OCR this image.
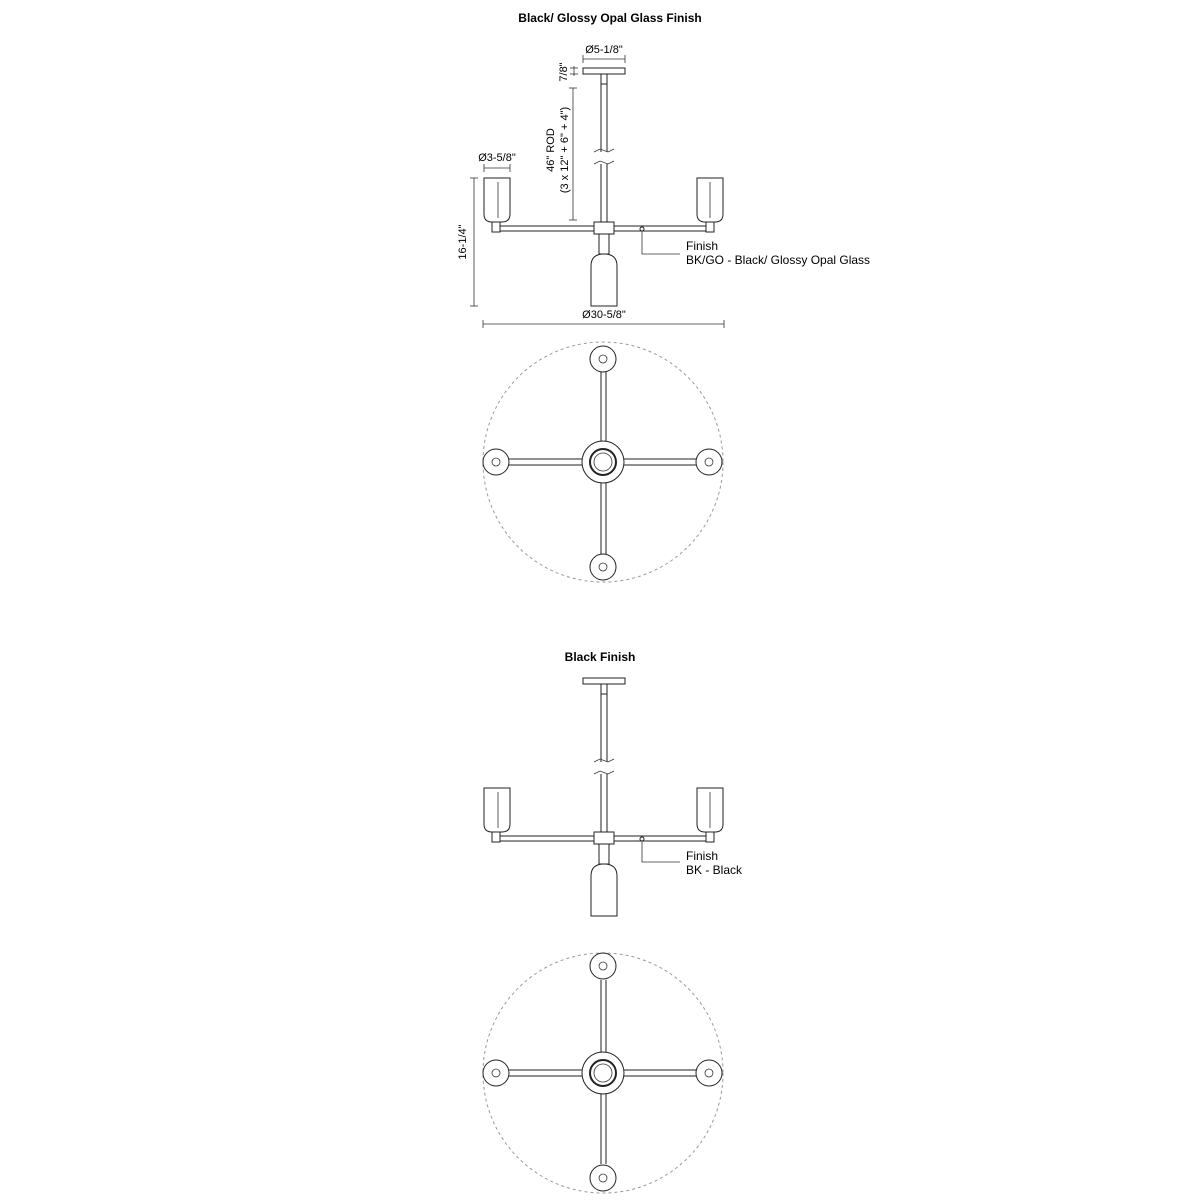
Black/ Glossy Opal Glass Finish
Ø5-1/8"
7/8"
46" ROD (3 x 12" + 6" + 4")
Ø3-5/8"
16-1/4"
Ø30-5/8"
Finish
BK/GO - Black/ Glossy Opal Glass
Black Finish
Finish
BK - Black
